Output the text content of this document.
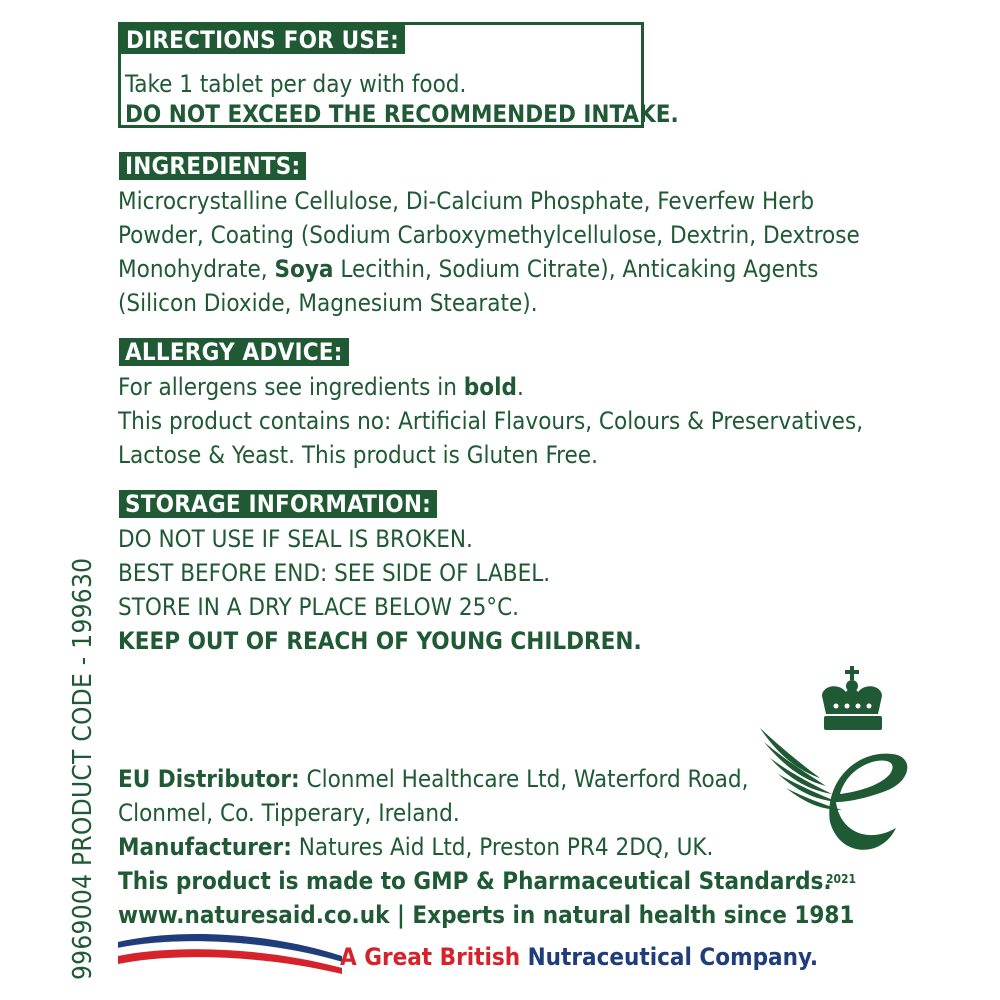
DIRECTIONS FOR USE:
Take 1 tablet per day with food.
DO NOT EXCEED THE RECOMMENDED INTAKE.
INGREDIENTS:
Microcrystalline Cellulose, Di-Calcium Phosphate, Feverfew Herb
Powder, Coating (Sodium Carboxymethylcellulose, Dextrin, Dextrose
Monohydrate, Soya Lecithin, Sodium Citrate), Anticaking Agents
(Silicon Dioxide, Magnesium Stearate).
ALLERGY ADVICE:
For allergens see ingredients in bold.
This product contains no: Artificial Flavours, Colours & Preservatives,
Lactose & Yeast. This product is Gluten Free.
STORAGE INFORMATION:
DO NOT USE IF SEAL IS BROKEN.
BEST BEFORE END: SEE SIDE OF LABEL.
STORE IN A DRY PLACE BELOW 25°C.
KEEP OUT OF REACH OF YOUNG CHILDREN.
EU Distributor: Clonmel Healthcare Ltd, Waterford Road,
Clonmel, Co. Tipperary, Ireland.
Manufacturer: Natures Aid Ltd, Preston PR4 2DQ, UK.
This product is made to GMP & Pharmaceutical Standards.
www.naturesaid.co.uk | Experts in natural health since 1981
A Great British Nutraceutical Company.
9969004 PRODUCT CODE - 199630	2021
